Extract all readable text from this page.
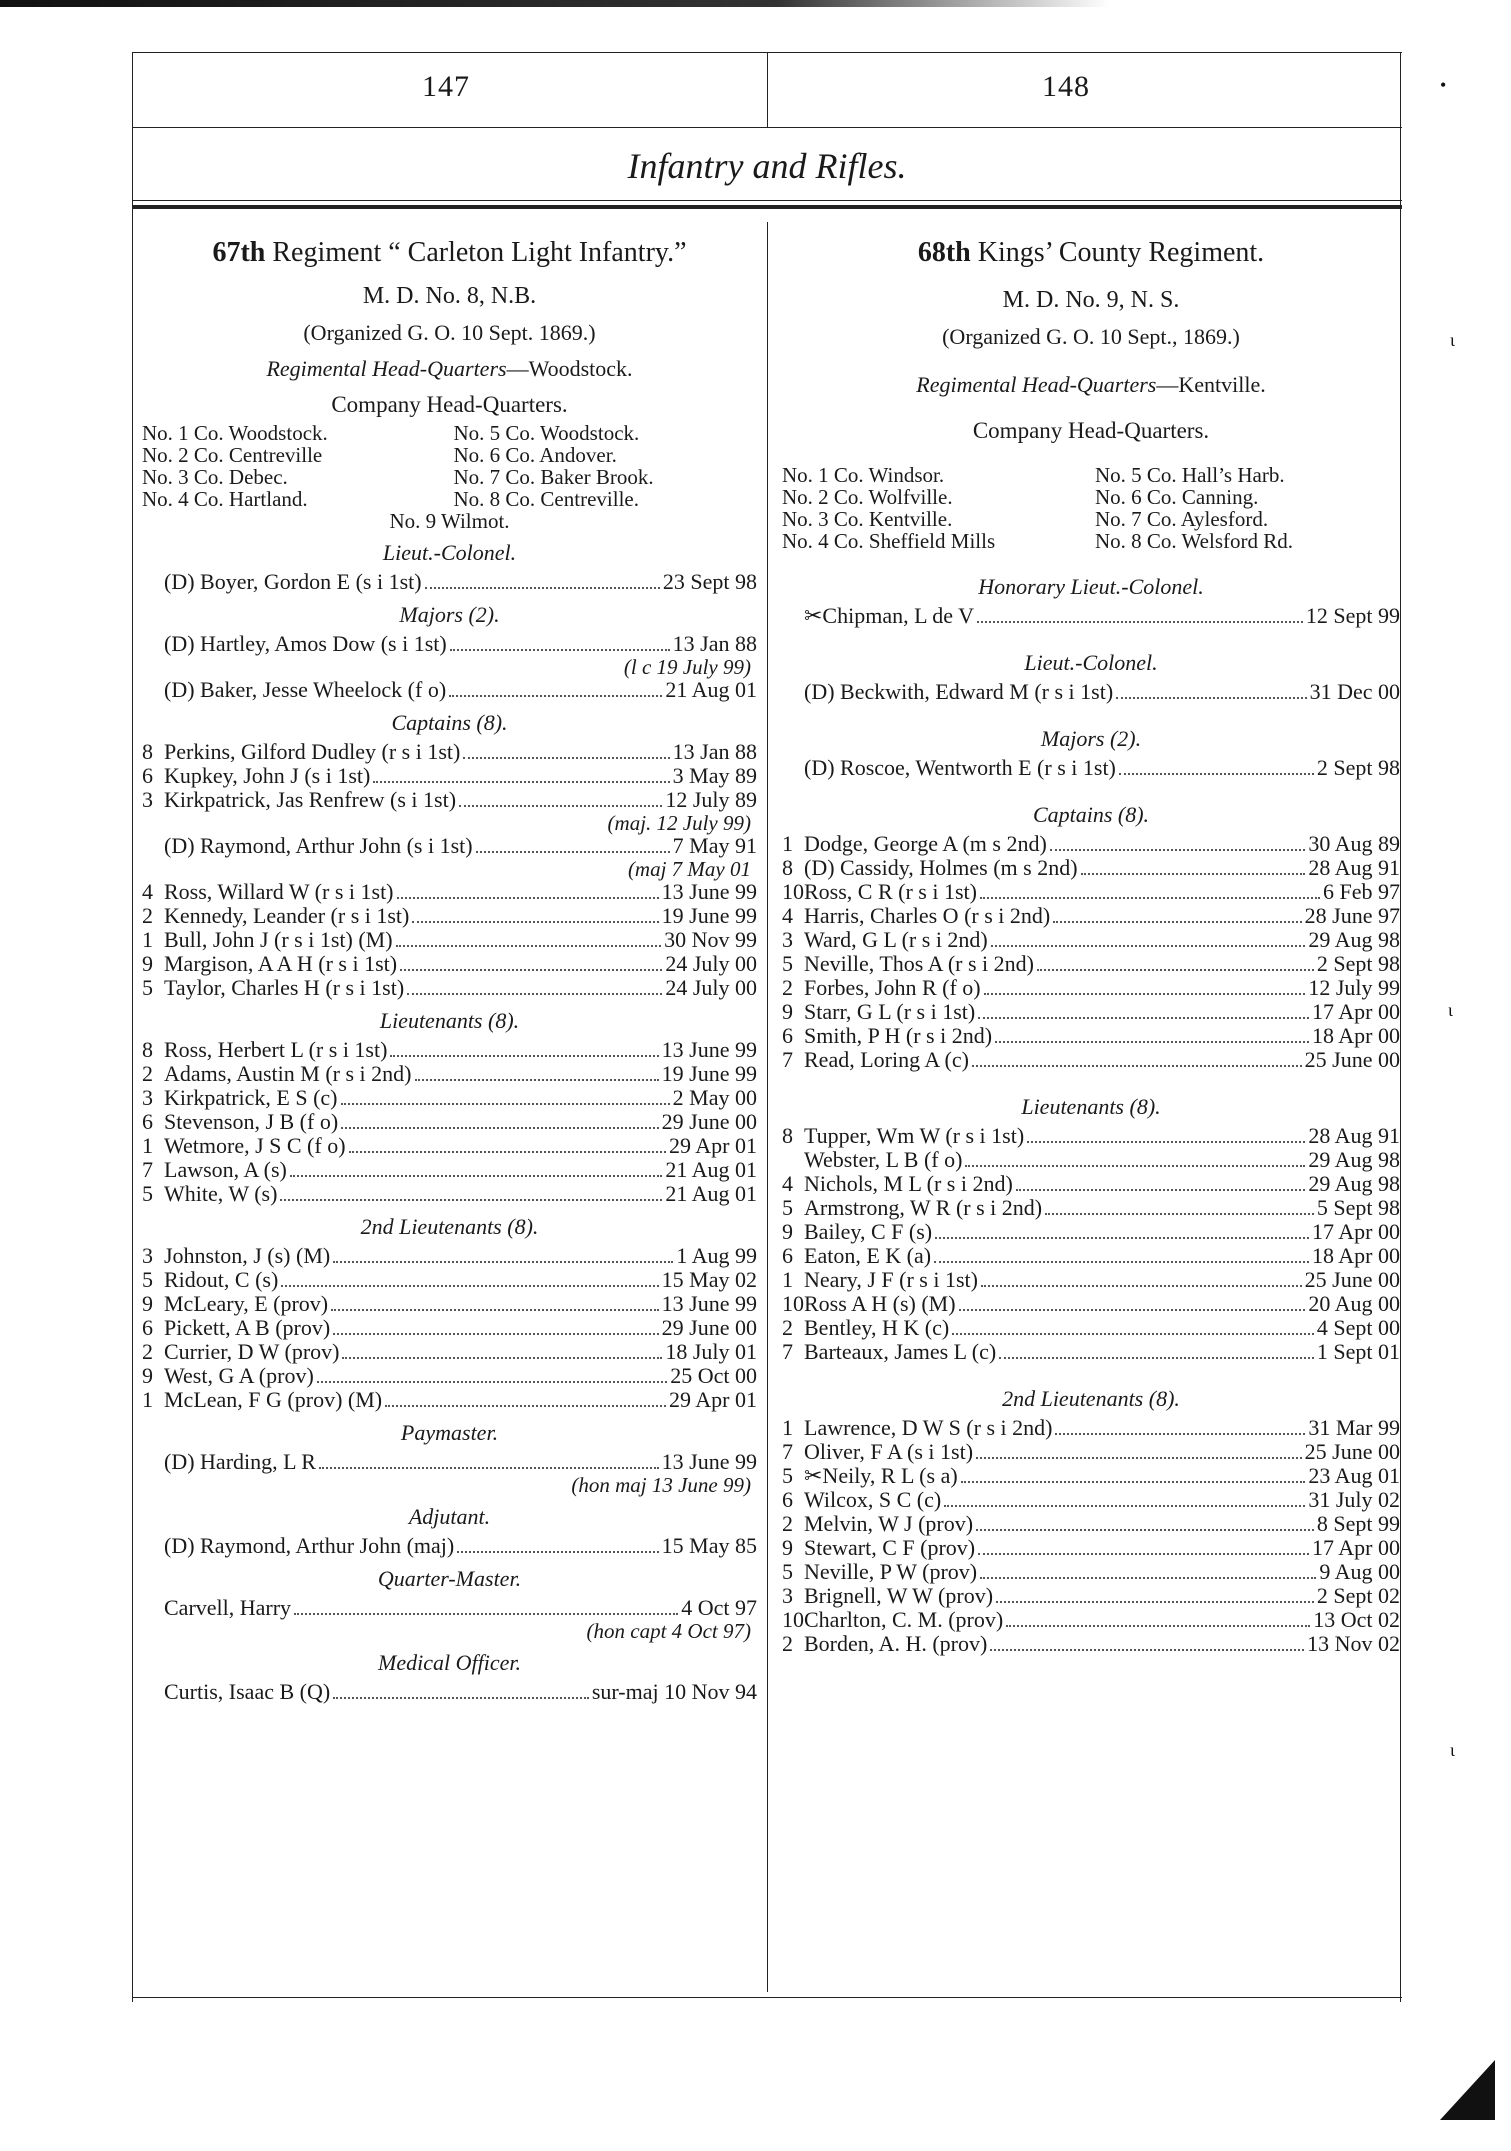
147	148
Infantry and Rifles.
67th Regiment “ Carleton Light Infantry.”
M. D. No. 8, N.B.
(Organized G. O. 10 Sept. 1869.)
Regimental Head-Quarters—Woodstock.
Company Head-Quarters.
No. 1 Co. Woodstock.	No. 5 Co. Woodstock.
No. 2 Co. Centreville	No. 6 Co. Andover.
No. 3 Co. Debec.	No. 7 Co. Baker Brook.
No. 4 Co. Hartland.	No. 8 Co. Centreville.
No. 9 Wilmot.
Lieut.-Colonel.
(D) Boyer, Gordon E (s i 1st)	23 Sept 98
Majors (2).
(D) Hartley, Amos Dow (s i 1st)	13 Jan 88
(l c 19 July 99)
(D) Baker, Jesse Wheelock (f o)	21 Aug 01
Captains (8).
8 Perkins, Gilford Dudley (r s i 1st)	13 Jan 88
6 Kupkey, John J (s i 1st)	3 May 89
3 Kirkpatrick, Jas Renfrew (s i 1st)	12 July 89
(maj. 12 July 99)
(D) Raymond, Arthur John (s i 1st)	7 May 91
(maj 7 May 01
4 Ross, Willard W (r s i 1st)	13 June 99
2 Kennedy, Leander (r s i 1st)	19 June 99
1 Bull, John J (r s i 1st) (M)	30 Nov 99
9 Margison, A A H (r s i 1st)	24 July 00
5 Taylor, Charles H (r s i 1st)	24 July 00
Lieutenants (8).
8 Ross, Herbert L (r s i 1st)	13 June 99
2 Adams, Austin M (r s i 2nd)	19 June 99
3 Kirkpatrick, E S (c)	2 May 00
6 Stevenson, J B (f o)	29 June 00
1 Wetmore, J S C (f o)	29 Apr 01
7 Lawson, A (s)	21 Aug 01
5 White, W (s)	21 Aug 01
2nd Lieutenants (8).
3 Johnston, J (s) (M)	1 Aug 99
5 Ridout, C (s)	15 May 02
9 McLeary, E (prov)	13 June 99
6 Pickett, A B (prov)	29 June 00
2 Currier, D W (prov)	18 July 01
9 West, G A (prov)	25 Oct 00
1 McLean, F G (prov) (M)	29 Apr 01
Paymaster.
(D) Harding, L R	13 June 99
(hon maj 13 June 99)
Adjutant.
(D) Raymond, Arthur John (maj)	15 May 85
Quarter-Master.
Carvell, Harry	4 Oct 97
(hon capt 4 Oct 97)
Medical Officer.
Curtis, Isaac B (Q)	sur-maj 10 Nov 94
68th Kings’ County Regiment.
M. D. No. 9, N. S.
(Organized G. O. 10 Sept., 1869.)
Regimental Head-Quarters—Kentville.
Company Head-Quarters.
No. 1 Co. Windsor.	No. 5 Co. Hall’s Harb.
No. 2 Co. Wolfville.	No. 6 Co. Canning.
No. 3 Co. Kentville.	No. 7 Co. Aylesford.
No. 4 Co. Sheffield Mills	No. 8 Co. Welsford Rd.
Honorary Lieut.-Colonel.
✂Chipman, L de V	12 Sept 99
Lieut.-Colonel.
(D) Beckwith, Edward M (r s i 1st)	31 Dec 00
Majors (2).
(D) Roscoe, Wentworth E (r s i 1st)	2 Sept 98
Captains (8).
1 Dodge, George A (m s 2nd)	30 Aug 89
8 (D) Cassidy, Holmes (m s 2nd)	28 Aug 91
10 Ross, C R (r s i 1st)	6 Feb 97
4 Harris, Charles O (r s i 2nd)	28 June 97
3 Ward, G L (r s i 2nd)	29 Aug 98
5 Neville, Thos A (r s i 2nd)	2 Sept 98
2 Forbes, John R (f o)	12 July 99
9 Starr, G L (r s i 1st)	17 Apr 00
6 Smith, P H (r s i 2nd)	18 Apr 00
7 Read, Loring A (c)	25 June 00
Lieutenants (8).
8 Tupper, Wm W (r s i 1st)	28 Aug 91
Webster, L B (f o)	29 Aug 98
4 Nichols, M L (r s i 2nd)	29 Aug 98
5 Armstrong, W R (r s i 2nd)	5 Sept 98
9 Bailey, C F (s)	17 Apr 00
6 Eaton, E K (a)	18 Apr 00
1 Neary, J F (r s i 1st)	25 June 00
10 Ross A H (s) (M)	20 Aug 00
2 Bentley, H K (c)	4 Sept 00
7 Barteaux, James L (c)	1 Sept 01
2nd Lieutenants (8).
1 Lawrence, D W S (r s i 2nd)	31 Mar 99
7 Oliver, F A (s i 1st)	25 June 00
5 ✂Neily, R L (s a)	23 Aug 01
6 Wilcox, S C (c)	31 July 02
2 Melvin, W J (prov)	8 Sept 99
9 Stewart, C F (prov)	17 Apr 00
5 Neville, P W (prov)	9 Aug 00
3 Brignell, W W (prov)	2 Sept 02
10 Charlton, C. M. (prov)	13 Oct 02
2 Borden, A. H. (prov)	13 Nov 02
•
ɩ
ɩ
ɩ
